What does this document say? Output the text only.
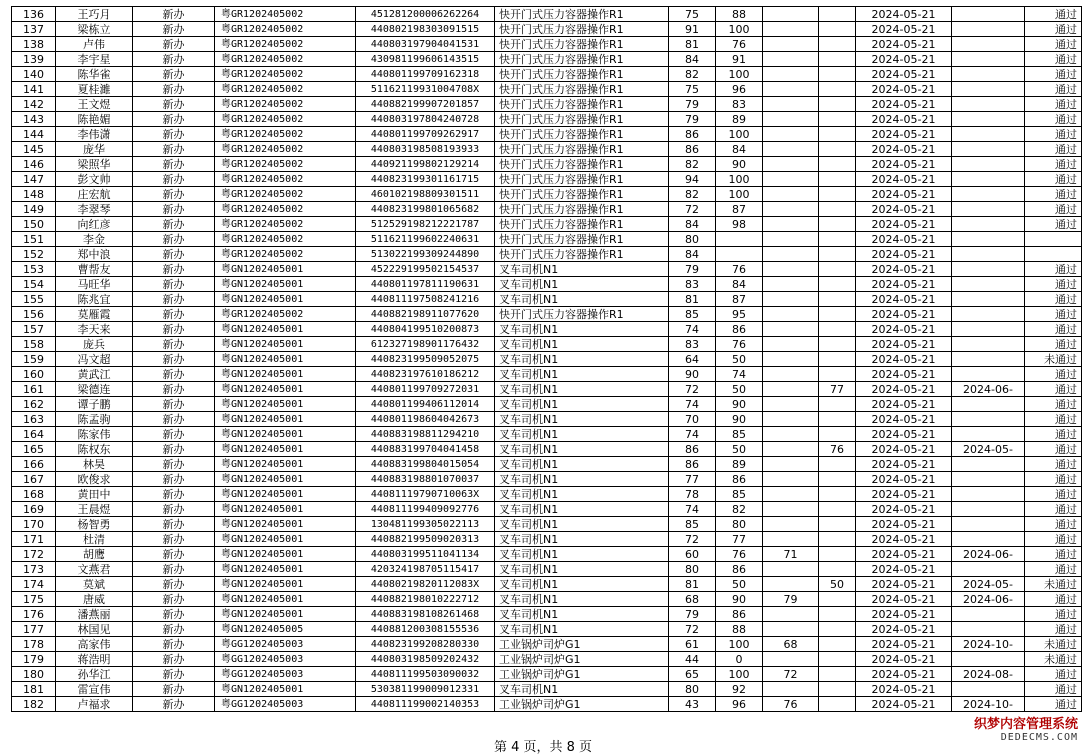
136	王巧月	新办	粤GR1202405002	451281200006262264	快开门式压力容器操作R1	75	88			2024-05-21		通过
137	梁栋立	新办	粤GR1202405002	440802198303091515	快开门式压力容器操作R1	91	100			2024-05-21		通过
138	卢伟	新办	粤GR1202405002	440803197904041531	快开门式压力容器操作R1	81	76			2024-05-21		通过
139	李宇星	新办	粤GR1202405002	430981199606143515	快开门式压力容器操作R1	84	91			2024-05-21		通过
140	陈华雀	新办	粤GR1202405002	440801199709162318	快开门式压力容器操作R1	82	100			2024-05-21		通过
141	夏桂濉	新办	粤GR1202405002	51162119931004708X	快开门式压力容器操作R1	75	96			2024-05-21		通过
142	王文煜	新办	粤GR1202405002	440882199907201857	快开门式压力容器操作R1	79	83			2024-05-21		通过
143	陈艳媚	新办	粤GR1202405002	440803197804240728	快开门式压力容器操作R1	79	89			2024-05-21		通过
144	李伟潇	新办	粤GR1202405002	440801199709262917	快开门式压力容器操作R1	86	100			2024-05-21		通过
145	庞华	新办	粤GR1202405002	440803198508193933	快开门式压力容器操作R1	86	84			2024-05-21		通过
146	梁照华	新办	粤GR1202405002	440921199802129214	快开门式压力容器操作R1	82	90			2024-05-21		通过
147	彭文帅	新办	粤GR1202405002	440823199301161715	快开门式压力容器操作R1	94	100			2024-05-21		通过
148	庄宏航	新办	粤GR1202405002	460102198809301511	快开门式压力容器操作R1	82	100			2024-05-21		通过
149	李翠琴	新办	粤GR1202405002	440823199801065682	快开门式压力容器操作R1	72	87			2024-05-21		通过
150	向红彦	新办	粤GR1202405002	512529198212221787	快开门式压力容器操作R1	84	98			2024-05-21		通过
151	李金	新办	粤GR1202405002	511621199602240631	快开门式压力容器操作R1	80				2024-05-21		
152	郑中浪	新办	粤GR1202405002	513022199309244890	快开门式压力容器操作R1	84				2024-05-21		
153	曹帮友	新办	粤GN1202405001	452229199502154537	叉车司机N1	79	76			2024-05-21		通过
154	马旺华	新办	粤GN1202405001	440801197811190631	叉车司机N1	83	84			2024-05-21		通过
155	陈兆宜	新办	粤GN1202405001	440811197508241216	叉车司机N1	81	87			2024-05-21		通过
156	莫雁霞	新办	粤GR1202405002	440882198911077620	快开门式压力容器操作R1	85	95			2024-05-21		通过
157	李天来	新办	粤GN1202405001	440804199510200873	叉车司机N1	74	86			2024-05-21		通过
158	庞兵	新办	粤GN1202405001	612327198901176432	叉车司机N1	83	76			2024-05-21		通过
159	冯文超	新办	粤GN1202405001	440823199509052075	叉车司机N1	64	50			2024-05-21		未通过
160	黄武江	新办	粤GN1202405001	440823197610186212	叉车司机N1	90	74			2024-05-21		通过
161	梁德连	新办	粤GN1202405001	440801199709272031	叉车司机N1	72	50		77	2024-05-21	2024-06-	通过
162	谭子鹏	新办	粤GN1202405001	440801199406112014	叉车司机N1	74	90			2024-05-21		通过
163	陈孟驹	新办	粤GN1202405001	440801198604042673	叉车司机N1	70	90			2024-05-21		通过
164	陈家伟	新办	粤GN1202405001	440883198811294210	叉车司机N1	74	85			2024-05-21		通过
165	陈权东	新办	粤GN1202405001	440883199704041458	叉车司机N1	86	50		76	2024-05-21	2024-05-	通过
166	林昊	新办	粤GN1202405001	440883199804015054	叉车司机N1	86	89			2024-05-21		通过
167	欧俊求	新办	粤GN1202405001	440883198801070037	叉车司机N1	77	86			2024-05-21		通过
168	黄田中	新办	粤GN1202405001	44081119790710063X	叉车司机N1	78	85			2024-05-21		通过
169	王晨煜	新办	粤GN1202405001	440811199409092776	叉车司机N1	74	82			2024-05-21		通过
170	杨智勇	新办	粤GN1202405001	130481199305022113	叉车司机N1	85	80			2024-05-21		通过
171	杜清	新办	粤GN1202405001	440882199509020313	叉车司机N1	72	77			2024-05-21		通过
172	胡鹰	新办	粤GN1202405001	440803199511041134	叉车司机N1	60	76	71		2024-05-21	2024-06-	通过
173	文燕君	新办	粤GN1202405001	420324198705115417	叉车司机N1	80	86			2024-05-21		通过
174	莫斌	新办	粤GN1202405001	44080219820112083X	叉车司机N1	81	50		50	2024-05-21	2024-05-	未通过
175	唐威	新办	粤GN1202405001	440882198010222712	叉车司机N1	68	90	79		2024-05-21	2024-06-	通过
176	潘燕丽	新办	粤GN1202405001	440883198108261468	叉车司机N1	79	86			2024-05-21		通过
177	林国见	新办	粤GN1202405005	440881200308155536	叉车司机N1	72	88			2024-05-21		通过
178	高家伟	新办	粤GG1202405003	440823199208280330	工业锅炉司炉G1	61	100	68		2024-05-21	2024-10-	未通过
179	蒋浩明	新办	粤GG1202405003	440803198509202432	工业锅炉司炉G1	44	0			2024-05-21		未通过
180	孙华江	新办	粤GG1202405003	440811199503090032	工业锅炉司炉G1	65	100	72		2024-05-21	2024-08-	通过
181	雷宣伟	新办	粤GN1202405001	530381199009012331	叉车司机N1	80	92			2024-05-21		通过
182	卢福求	新办	粤GG1202405003	440811199002140353	工业锅炉司炉G1	43	96	76		2024-05-21	2024-10-	通过
第 4 页，共 8 页
织梦内容管理系统
DEDECMS.COM
